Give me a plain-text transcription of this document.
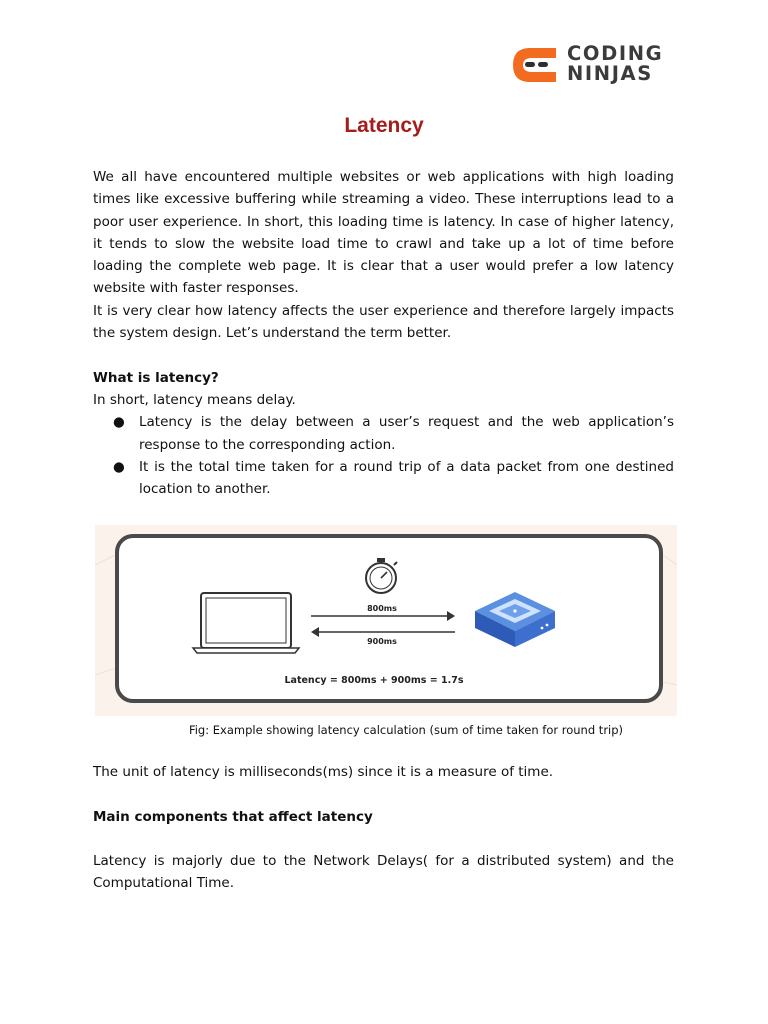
CODING
NINJAS
Latency

We all have encountered multiple websites or web applications with high loading times like excessive buffering while streaming a video. These interruptions lead to a poor user experience. In short, this loading time is latency. In case of higher latency, it tends to slow the website load time to crawl and take up a lot of time before loading the complete web page. It is clear that a user would prefer a low latency website with faster responses.

It is very clear how latency affects the user experience and therefore largely impacts the system design. Let’s understand the term better.

What is latency?

In short, latency means delay.

● Latency is the delay between a user’s request and the web application’s response to the corresponding action.
● It is the total time taken for a round trip of a data packet from one destined location to another.
800ms
900ms
Latency = 800ms + 900ms = 1.7s
Fig: Example showing latency calculation (sum of time taken for round trip)

The unit of latency is milliseconds(ms) since it is a measure of time.

Main components that affect latency

Latency is majorly due to the Network Delays( for a distributed system) and the Computational Time.
